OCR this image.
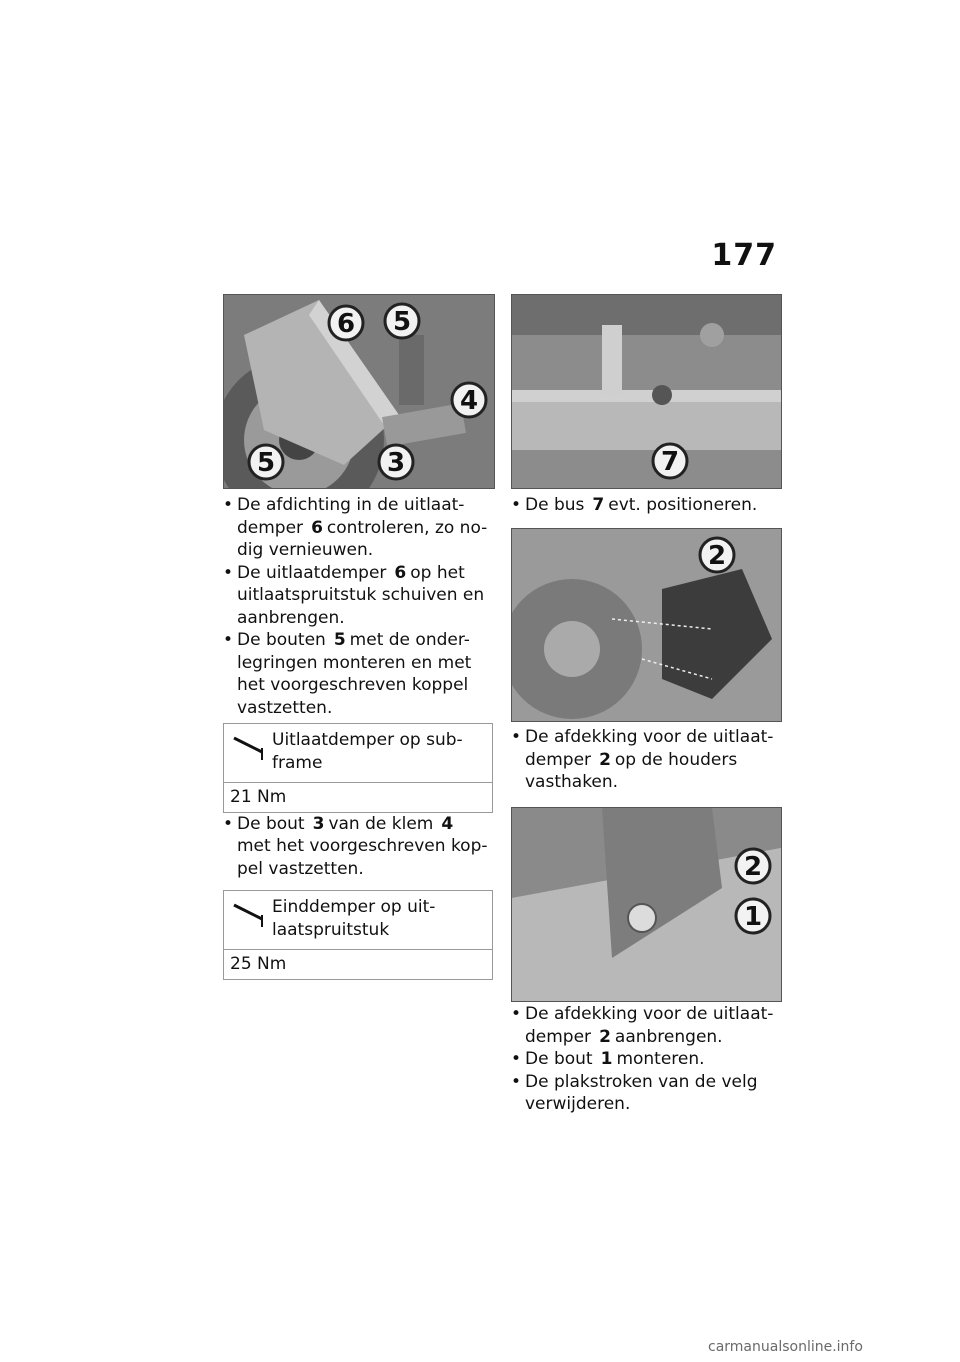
177
6 5
4
5	3

• De afdichting in de uitlaat-
demper 6 controleren, zo no-
dig vernieuwen.

• De uitlaatdemper 6 op het
uitlaatspruitstuk schuiven en aanbrengen.

• De bouten 5 met de onder-
legringen monteren en met het voorgeschreven koppel vastzetten.

Uitlaatdemper op sub-frame
21 Nm

• De bout 3 van de klem 4
met het voorgeschreven kop-pel vastzetten.

Einddemper op uit-laatspruitstuk
25 Nm
7

• De bus 7 evt. positioneren.

2

• De afdekking voor de uitlaat-
demper 2 op de houders
vasthaken.

2
1

• De afdekking voor de uitlaat-
demper 2 aanbrengen.

• De bout 1 monteren.

• De plakstroken van de velg
verwijderen.

carmanualsonline.info
